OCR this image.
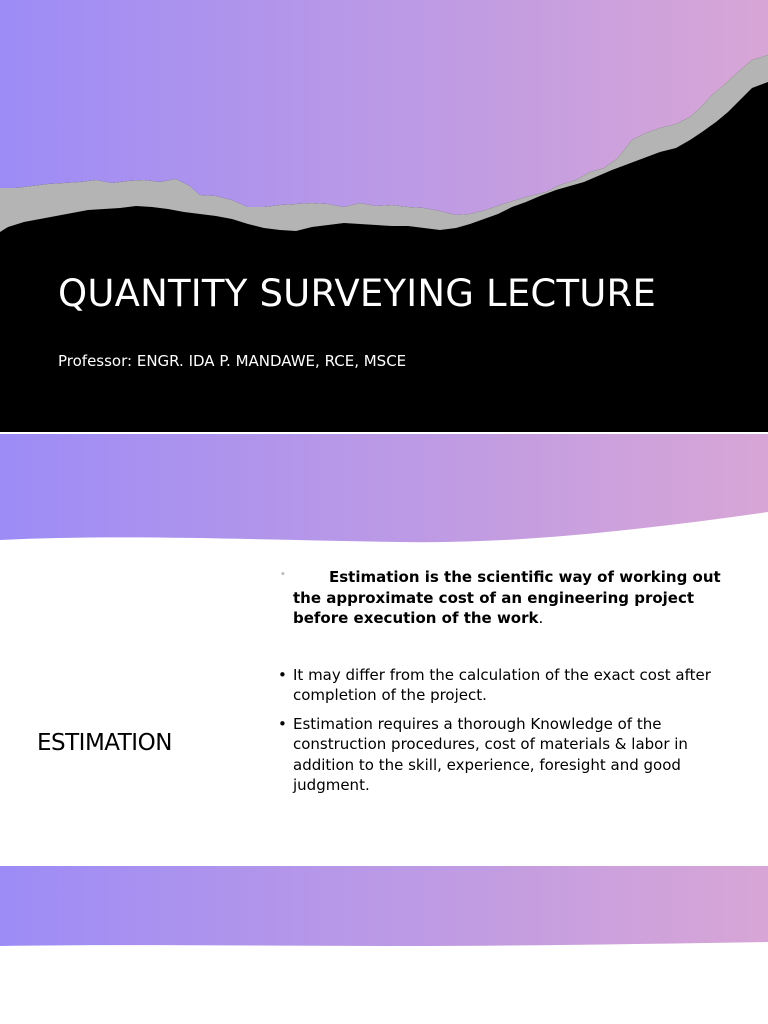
QUANTITY SURVEYING LECTURE
Professor: ENGR. IDA P. MANDAWE, RCE, MSCE
ESTIMATION

•	Estimation is the scientific way of working out the approximate cost of an engineering project before execution of the work.

• It may differ from the calculation of the exact cost after completion of the project.

• Estimation requires a thorough Knowledge of the construction procedures, cost of materials & labor in addition to the skill, experience, foresight and good judgment.
